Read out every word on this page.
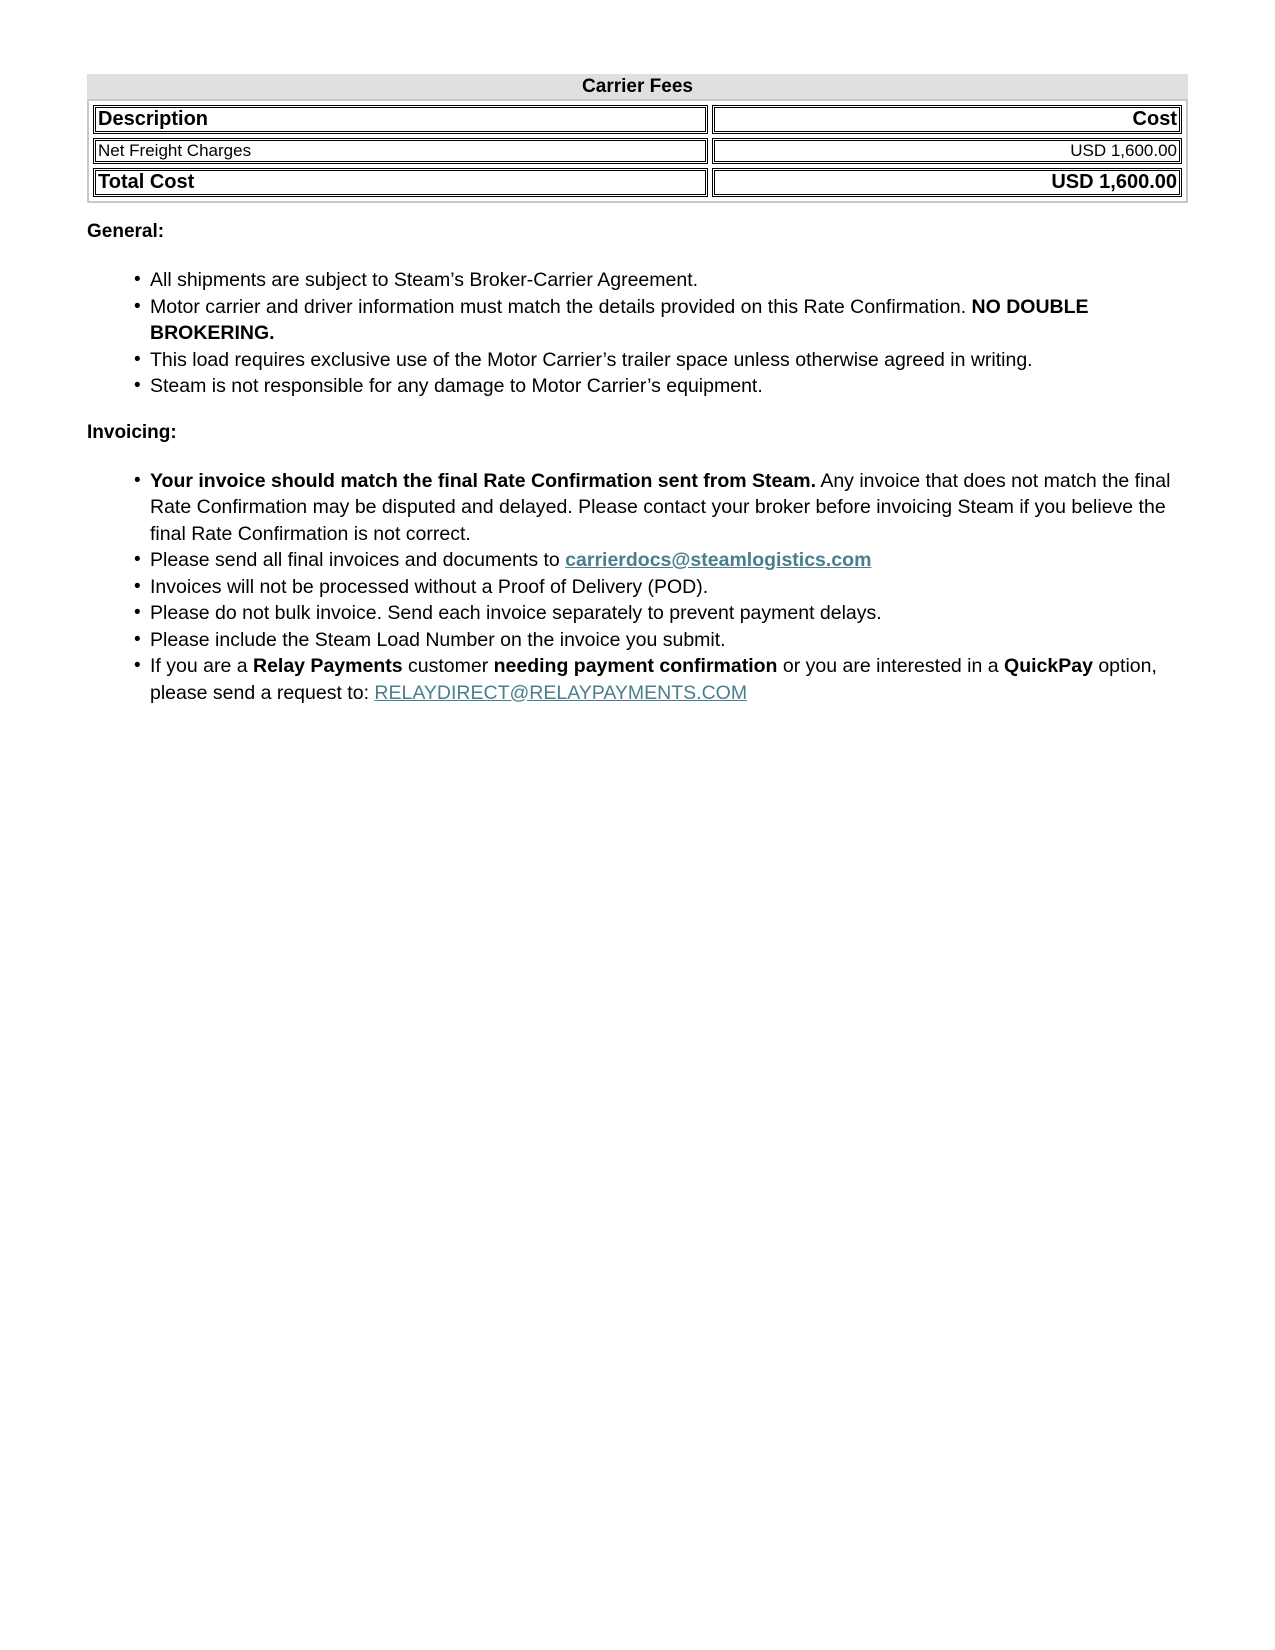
Carrier Fees
Description	Cost
Net Freight Charges	USD 1,600.00
Total Cost	USD 1,600.00
General:
• All shipments are subject to Steam’s Broker-Carrier Agreement.
• Motor carrier and driver information must match the details provided on this Rate Confirmation. NO DOUBLE BROKERING.
• This load requires exclusive use of the Motor Carrier’s trailer space unless otherwise agreed in writing.
• Steam is not responsible for any damage to Motor Carrier’s equipment.
Invoicing:
• Your invoice should match the final Rate Confirmation sent from Steam. Any invoice that does not match the final Rate Confirmation may be disputed and delayed. Please contact your broker before invoicing Steam if you believe the final Rate Confirmation is not correct.
• Please send all final invoices and documents to carrierdocs@steamlogistics.com
• Invoices will not be processed without a Proof of Delivery (POD).
• Please do not bulk invoice. Send each invoice separately to prevent payment delays.
• Please include the Steam Load Number on the invoice you submit.
• If you are a Relay Payments customer needing payment confirmation or you are interested in a QuickPay option, please send a request to: RELAYDIRECT@RELAYPAYMENTS.COM
